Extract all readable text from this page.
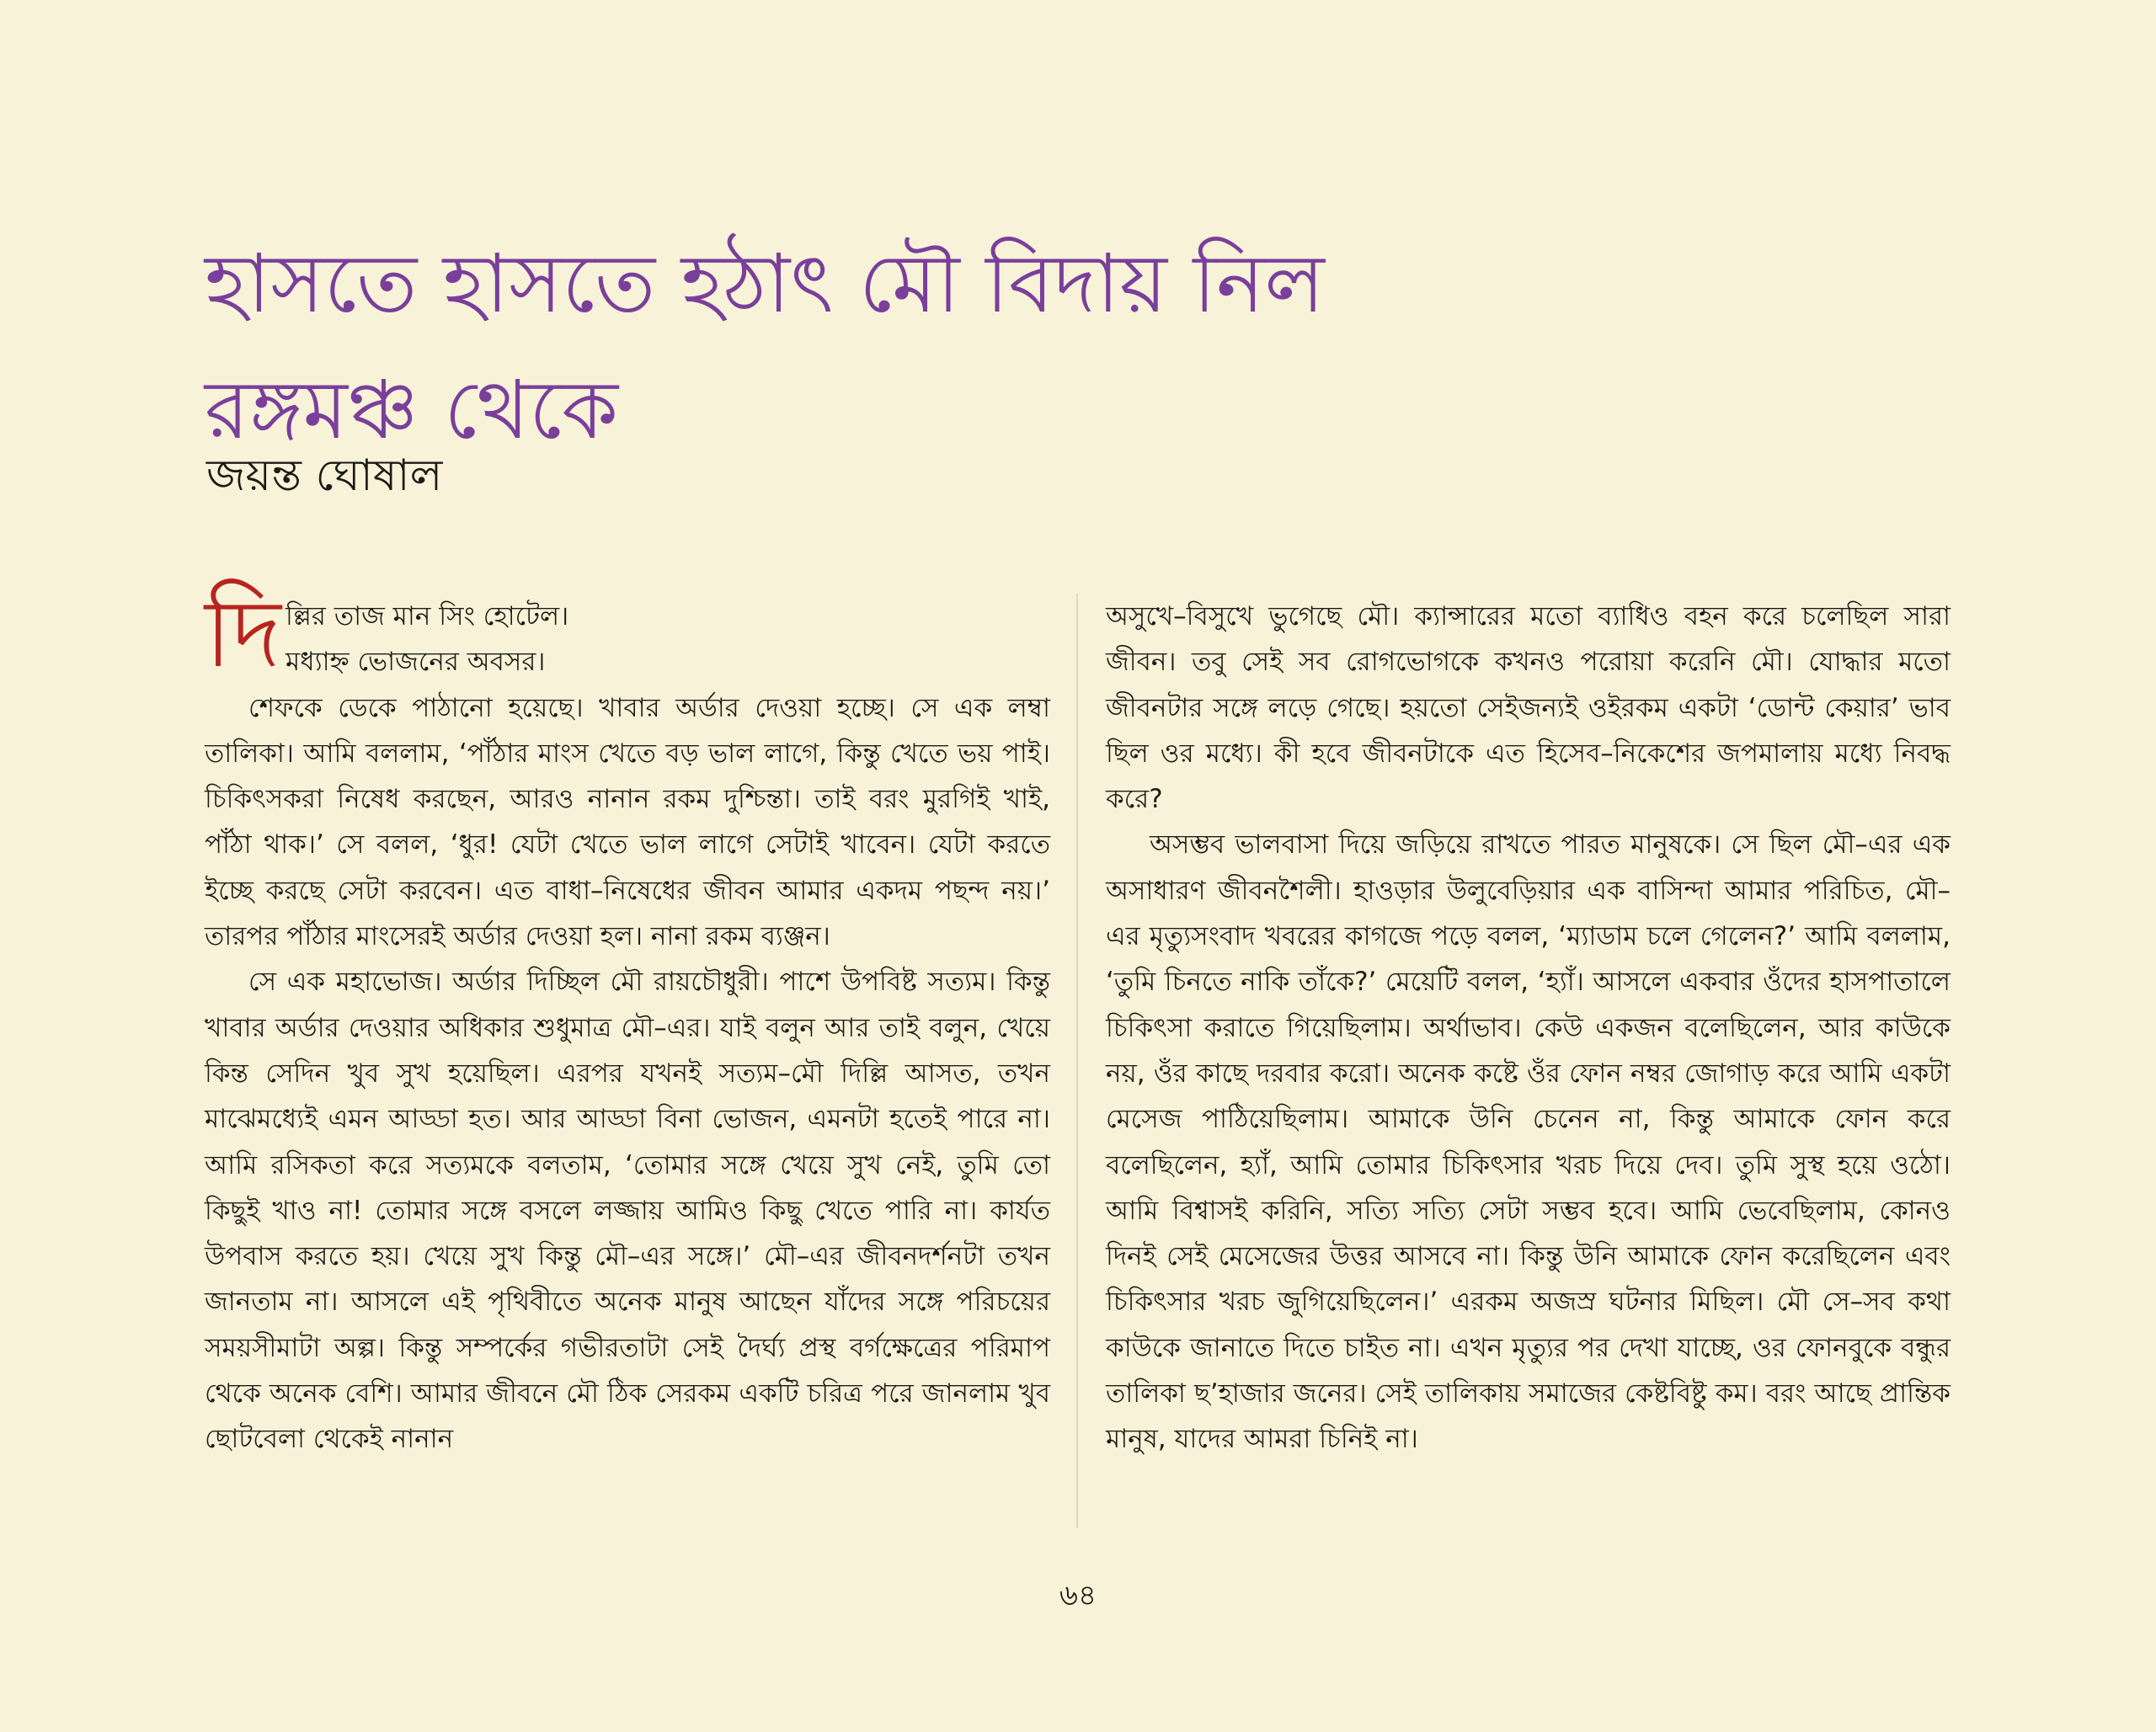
হাসতে হাসতে হঠাৎ মৌ বিদায় নিল
রঙ্গমঞ্চ থেকে
জয়ন্ত ঘোষাল
দি ল্লির তাজ মান সিং হোটেল।
মধ্যাহ্ন ভোজনের অবসর।

শেফকে ডেকে পাঠানো হয়েছে। খাবার অর্ডার দেওয়া হচ্ছে। সে এক লম্বা তালিকা। আমি বললাম, ‘পাঁঠার মাংস খেতে বড় ভাল লাগে, কিন্তু খেতে ভয় পাই। চিকিৎসকরা নিষেধ করছেন, আরও নানান রকম দুশ্চিন্তা। তাই বরং মুরগিই খাই, পাঁঠা থাক।’ সে বলল, ‘ধুর! যেটা খেতে ভাল লাগে সেটাই খাবেন। যেটা করতে ইচ্ছে করছে সেটা করবেন। এত বাধা–নিষেধের জীবন আমার একদম পছন্দ নয়।’ তারপর পাঁঠার মাংসেরই অর্ডার দেওয়া হল। নানা রকম ব্যঞ্জন।

সে এক মহাভোজ। অর্ডার দিচ্ছিল মৌ রায়চৌধুরী। পাশে উপবিষ্ট সত্যম। কিন্তু খাবার অর্ডার দেওয়ার অধিকার শুধুমাত্র মৌ–এর। যাই বলুন আর তাই বলুন, খেয়ে কিন্ত সেদিন খুব সুখ হয়েছিল। এরপর যখনই সত্যম–মৌ দিল্লি আসত, তখন মাঝেমধ্যেই এমন আড্ডা হত। আর আড্ডা বিনা ভোজন, এমনটা হতেই পারে না। আমি রসিকতা করে সত্যমকে বলতাম, ‘তোমার সঙ্গে খেয়ে সুখ নেই, তুমি তো কিছুই খাও না! তোমার সঙ্গে বসলে লজ্জায় আমিও কিছু খেতে পারি না। কার্যত উপবাস করতে হয়। খেয়ে সুখ কিন্তু মৌ–এর সঙ্গে।’ মৌ–এর জীবনদর্শনটা তখন জানতাম না। আসলে এই পৃথিবীতে অনেক মানুষ আছেন যাঁদের সঙ্গে পরিচয়ের সময়সীমাটা অল্প। কিন্তু সম্পর্কের গভীরতাটা সেই দৈর্ঘ্য প্রস্থ বর্গক্ষেত্রের পরিমাপ থেকে অনেক বেশি। আমার জীবনে মৌ ঠিক সেরকম একটি চরিত্র পরে জানলাম খুব ছোটবেলা থেকেই নানান

অসুখে–বিসুখে ভুগেছে মৌ। ক্যান্সারের মতো ব্যাধিও বহন করে চলেছিল সারা জীবন। তবু সেই সব রোগভোগকে কখনও পরোয়া করেনি মৌ। যোদ্ধার মতো জীবনটার সঙ্গে লড়ে গেছে। হয়তো সেইজন্যই ওইরকম একটা ‘ডোন্ট কেয়ার’ ভাব ছিল ওর মধ্যে। কী হবে জীবনটাকে এত হিসেব–নিকেশের জপমালায় মধ্যে নিবদ্ধ করে?

অসম্ভব ভালবাসা দিয়ে জড়িয়ে রাখতে পারত মানুষকে। সে ছিল মৌ–এর এক অসাধারণ জীবনশৈলী। হাওড়ার উলুবেড়িয়ার এক বাসিন্দা আমার পরিচিত, মৌ–এর মৃত্যুসংবাদ খবরের কাগজে পড়ে বলল, ‘ম্যাডাম চলে গেলেন?’ আমি বললাম, ‘তুমি চিনতে নাকি তাঁকে?’ মেয়েটি বলল, ‘হ্যাঁ। আসলে একবার ওঁদের হাসপাতালে চিকিৎসা করাতে গিয়েছিলাম। অর্থাভাব। কেউ একজন বলেছিলেন, আর কাউকে নয়, ওঁর কাছে দরবার করো। অনেক কষ্টে ওঁর ফোন নম্বর জোগাড় করে আমি একটা মেসেজ পাঠিয়েছিলাম। আমাকে উনি চেনেন না, কিন্তু আমাকে ফোন করে বলেছিলেন, হ্যাঁ, আমি তোমার চিকিৎসার খরচ দিয়ে দেব। তুমি সুস্থ হয়ে ওঠো। আমি বিশ্বাসই করিনি, সত্যি সত্যি সেটা সম্ভব হবে। আমি ভেবেছিলাম, কোনও দিনই সেই মেসেজের উত্তর আসবে না। কিন্তু উনি আমাকে ফোন করেছিলেন এবং চিকিৎসার খরচ জুগিয়েছিলেন।’ এরকম অজস্র ঘটনার মিছিল। মৌ সে–সব কথা কাউকে জানাতে দিতে চাইত না। এখন মৃত্যুর পর দেখা যাচ্ছে, ওর ফোনবুকে বন্ধুর তালিকা ছ’হাজার জনের। সেই তালিকায় সমাজের কেষ্টবিষ্টু কম। বরং আছে প্রান্তিক মানুষ, যাদের আমরা চিনিই না।

৬৪
